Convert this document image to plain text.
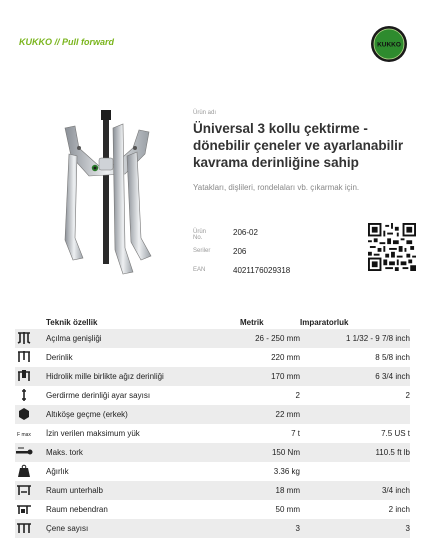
KUKKO // Pull forward	KUKKO
Ürün adı
Üniversal 3 kollu çektirme - dönebilir çeneler ve ayarlanabilir kavrama derinliğine sahip
Yatakları, dişlileri, rondelaları vb. çıkarmak için.
Ürün No.
206-02
Seriler	206
EAN	4021176029318
	Teknik özellik	Metrik	Imparatorluk
	Açılma genişliği	26 - 250 mm	1 1/32 - 9 7/8 inch
	Derinlik	220 mm	8 5/8 inch
	Hidrolik mille birlikte ağız derinliği	170 mm	6 3/4 inch
	Gerdirme derinliği ayar sayısı	2	2
	Altıköşe geçme (erkek)	22 mm	

F max	İzin verilen maksimum yük	7 t	7.5 US t
	Maks. tork	150 Nm	110.5 ft lb
	Ağırlık	3.36 kg	
	Raum unterhalb	18 mm	3/4 inch
	Raum nebendran	50 mm	2 inch
	Çene sayısı	3	3
